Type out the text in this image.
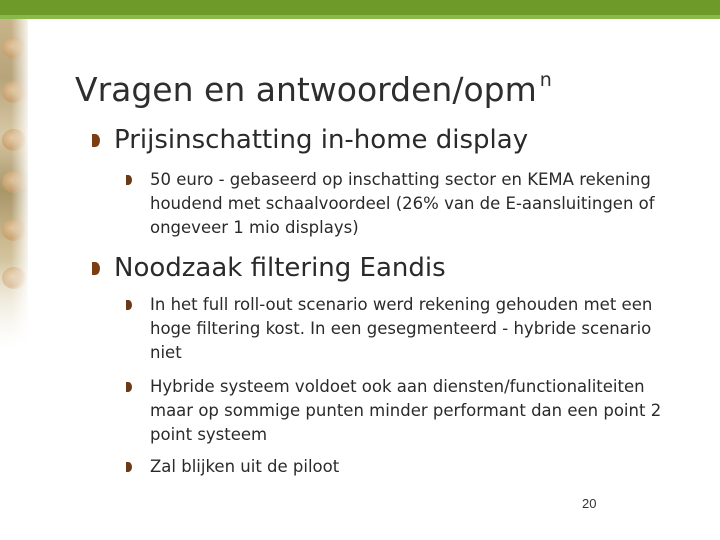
Vragen en antwoorden/opm $^n$
Prijsinschatting in-home display
50 euro - gebaseerd op inschatting sector en KEMA rekening houdend met schaalvoordeel (26% van de E-aansluitingen of ongeveer 1 mio displays)
Noodzaak filtering Eandis
In het full roll-out scenario werd rekening gehouden met een hoge filtering kost. In een gesegmenteerd - hybride scenario niet
Hybride systeem voldoet ook aan diensten/functionaliteiten maar op sommige punten minder performant dan een point 2 point systeem
Zal blijken uit de piloot
20
